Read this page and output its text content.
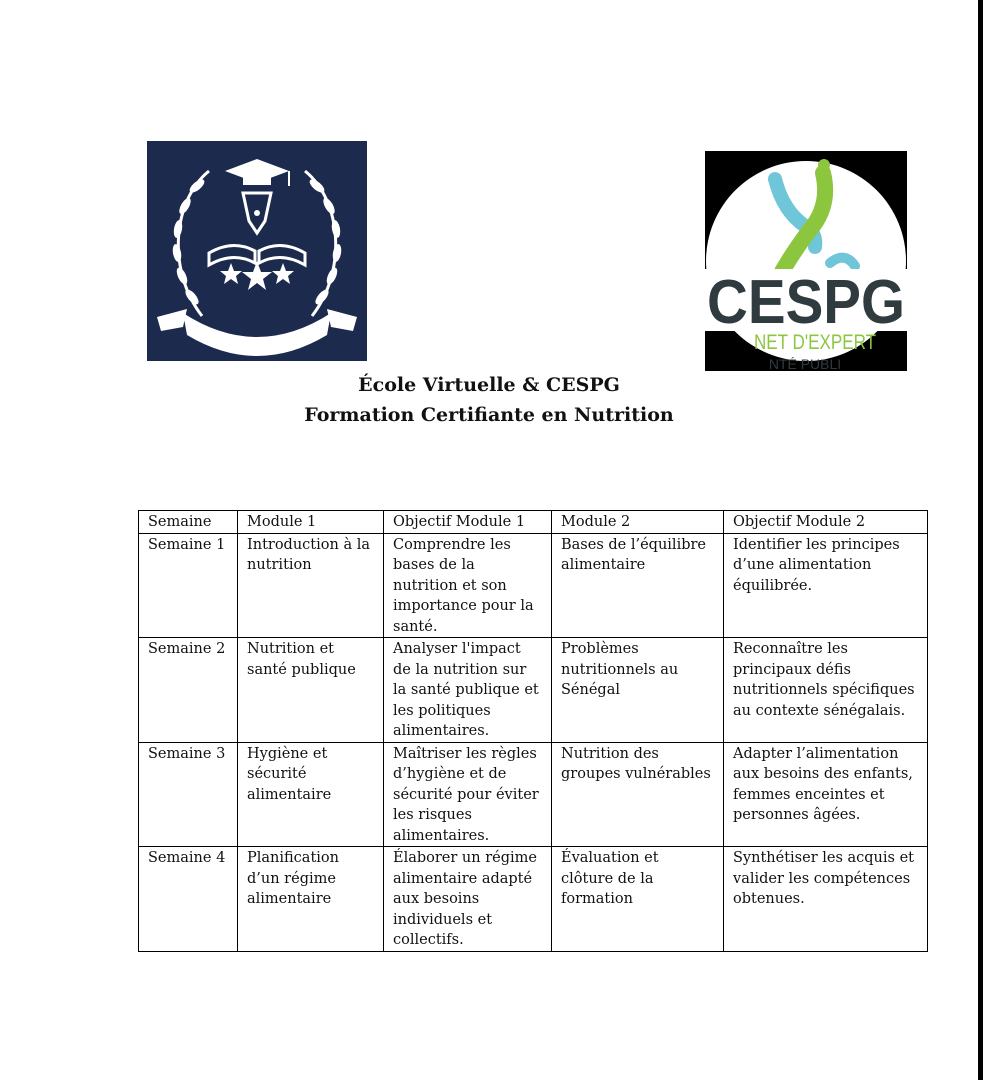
CESPG
NET D'EXPERT
NTÉ PUBLI
École Virtuelle & CESPG
Formation Certifiante en Nutrition
Semaine	Module 1	Objectif Module 1	Module 2	Objectif Module 2
Semaine 1	Introduction à la nutrition	Comprendre les bases de la nutrition et son importance pour la santé.	Bases de l’équilibre alimentaire	Identifier les principes d’une alimentation équilibrée.
Semaine 2	Nutrition et santé publique	Analyser l'impact de la nutrition sur la santé publique et les politiques alimentaires.	Problèmes nutritionnels au Sénégal	Reconnaître les principaux défis nutritionnels spécifiques au contexte sénégalais.
Semaine 3	Hygiène et sécurité alimentaire	Maîtriser les règles d’hygiène et de sécurité pour éviter les risques alimentaires.	Nutrition des groupes vulnérables	Adapter l’alimentation aux besoins des enfants, femmes enceintes et personnes âgées.
Semaine 4	Planification d’un régime alimentaire	Élaborer un régime alimentaire adapté aux besoins individuels et collectifs.	Évaluation et clôture de la formation	Synthétiser les acquis et valider les compétences obtenues.
